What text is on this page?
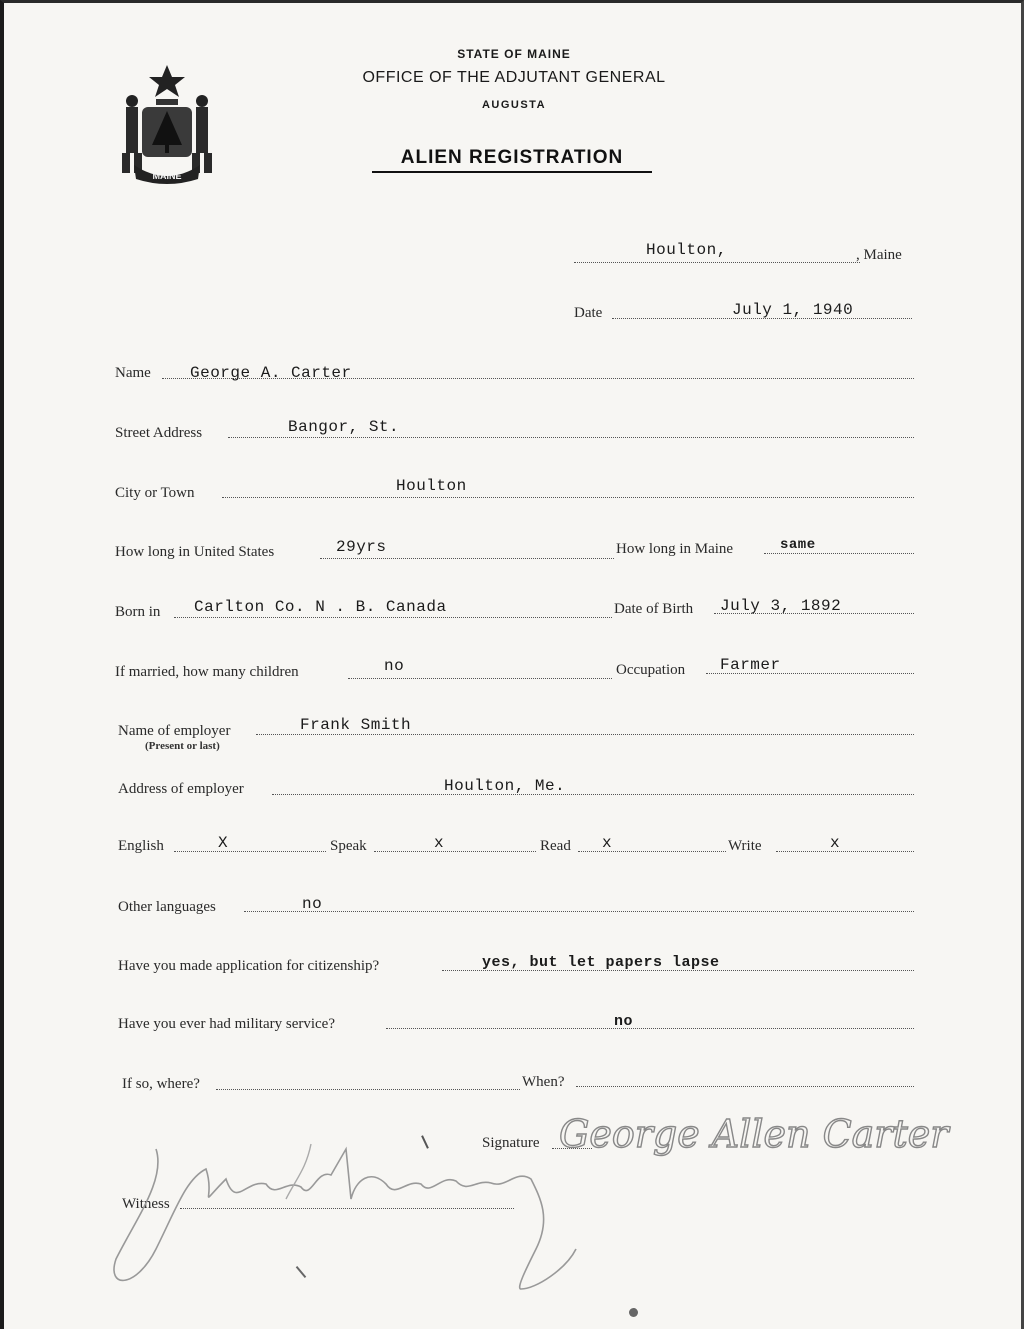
MAINE
STATE OF MAINE
OFFICE OF THE ADJUTANT GENERAL
AUGUSTA
ALIEN REGISTRATION
Houlton,	, Maine
Date	July 1, 1940
Name George A. Carter
Street Address	Bangor, St.
City or Town	Houlton
How long in United States	29yrs	How long in Maine	same
Born in Carlton Co. N . B. Canada	Date of Birth July 3, 1892
If married, how many children	no	Occupation Farmer
Name of employer
(Present or last)
Frank Smith
Address of employer	Houlton, Me.
English	X	Speak	x	Read x	Write	x
Other languages	no
Have you made application for citizenship?	yes, but let papers lapse
Have you ever had military service?	no
If so, where?	When?
Signature George Allen Carter
Witness
